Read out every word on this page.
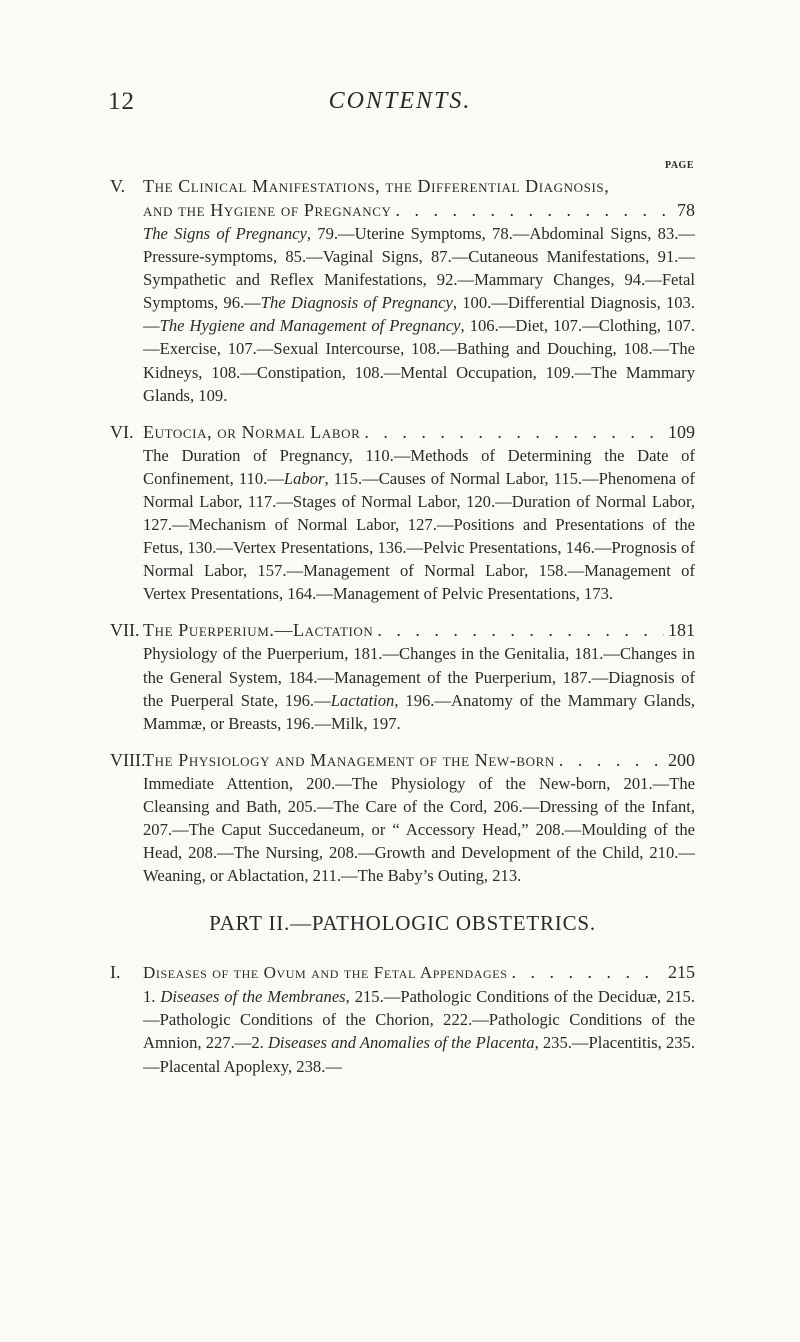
12	CONTENTS.
PAGE
V. The Clinical Manifestations, the Differential Diagnosis,
and the Hygiene of Pregnancy . . .	78
The Signs of Pregnancy, 79.—Uterine Symptoms, 78.—Abdominal Signs, 83.—Pressure-symptoms, 85.—Vaginal Signs, 87.—Cutaneous Manifestations, 91.—Sympathetic and Reflex Manifestations, 92.—Mammary Changes, 94.—Fetal Symptoms, 96.—The Diagnosis of Pregnancy, 100.—Differential Diagnosis, 103.—The Hygiene and Management of Pregnancy, 106.—Diet, 107.—Clothing, 107.—Exercise, 107.—Sexual Intercourse, 108.—Bathing and Douching, 108.—The Kidneys, 108.—Constipation, 108.—Mental Occupation, 109.—The Mammary Glands, 109.
VI. Eutocia, or Normal Labor . . .	109
The Duration of Pregnancy, 110.—Methods of Determining the Date of Confinement, 110.—Labor, 115.—Causes of Normal Labor, 115.—Phenomena of Normal Labor, 117.—Stages of Normal Labor, 120.—Duration of Normal Labor, 127.—Mechanism of Normal Labor, 127.—Positions and Presentations of the Fetus, 130.—Vertex Presentations, 136.—Pelvic Presentations, 146.—Prognosis of Normal Labor, 157.—Management of Normal Labor, 158.—Management of Vertex Presentations, 164.—Management of Pelvic Presentations, 173.
VII. The Puerperium.—Lactation . . .	181
Physiology of the Puerperium, 181.—Changes in the Genitalia, 181.—Changes in the General System, 184.—Management of the Puerperium, 187.—Diagnosis of the Puerperal State, 196.—Lactation, 196.—Anatomy of the Mammary Glands, Mammæ, or Breasts, 196.—Milk, 197.
VIII.
The Physiology and Management of the New-born . . .	200
Immediate Attention, 200.—The Physiology of the New-born, 201.—The Cleansing and Bath, 205.—The Care of the Cord, 206.—Dressing of the Infant, 207.—The Caput Succedaneum, or “ Accessory Head,” 208.—Moulding of the Head, 208.—The Nursing, 208.—Growth and Development of the Child, 210.—Weaning, or Ablactation, 211.—The Baby’s Outing, 213.
PART II.—PATHOLOGIC OBSTETRICS.
I.	Diseases of the Ovum and the Fetal Appendages . . .	215
1. Diseases of the Membranes, 215.—Pathologic Conditions of the Deciduæ, 215.—Pathologic Conditions of the Chorion, 222.—Pathologic Conditions of the Amnion, 227.—2. Diseases and Anomalies of the Placenta, 235.—Placentitis, 235.—Placental Apoplexy, 238.—
